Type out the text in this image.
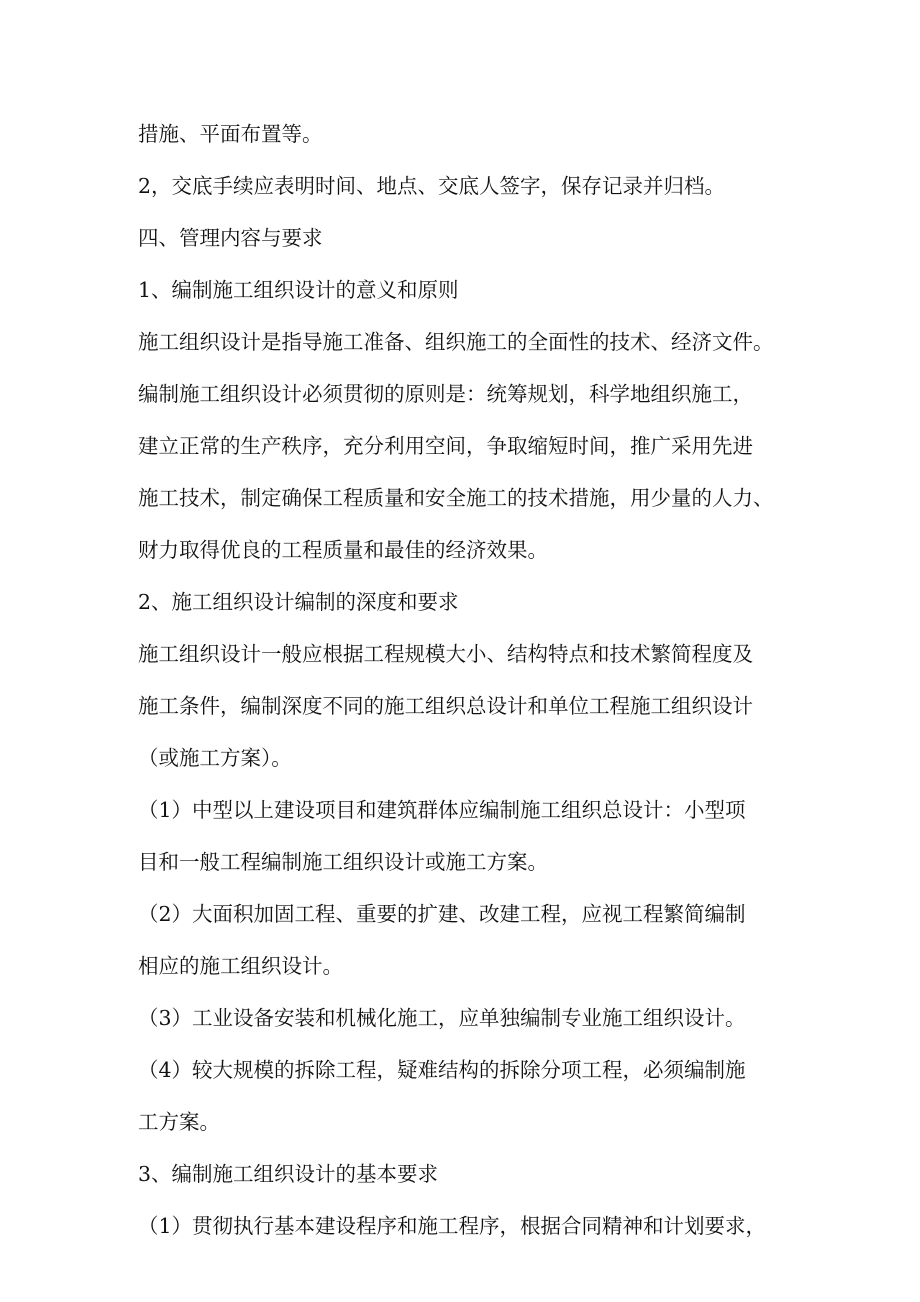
措施、平面布置等。

2，交底手续应表明时间、地点、交底人签字，保存记录并归档。

四、管理内容与要求

1、编制施工组织设计的意义和原则

施工组织设计是指导施工准备、组织施工的全面性的技术、经济文件。

编制施工组织设计必须贯彻的原则是：统筹规划，科学地组织施工，

建立正常的生产秩序，充分利用空间，争取缩短时间，推广采用先进

施工技术，制定确保工程质量和安全施工的技术措施，用少量的人力、

财力取得优良的工程质量和最佳的经济效果。

2、施工组织设计编制的深度和要求

施工组织设计一般应根据工程规模大小、结构特点和技术繁简程度及

施工条件，编制深度不同的施工组织总设计和单位工程施工组织设计

（或施工方案）。

（1）中型以上建设项目和建筑群体应编制施工组织总设计：小型项

目和一般工程编制施工组织设计或施工方案。

（2）大面积加固工程、重要的扩建、改建工程，应视工程繁简编制

相应的施工组织设计。

（3）工业设备安装和机械化施工，应单独编制专业施工组织设计。

（4）较大规模的拆除工程，疑难结构的拆除分项工程，必须编制施

工方案。

3、编制施工组织设计的基本要求

（1）贯彻执行基本建设程序和施工程序，根据合同精神和计划要求，
